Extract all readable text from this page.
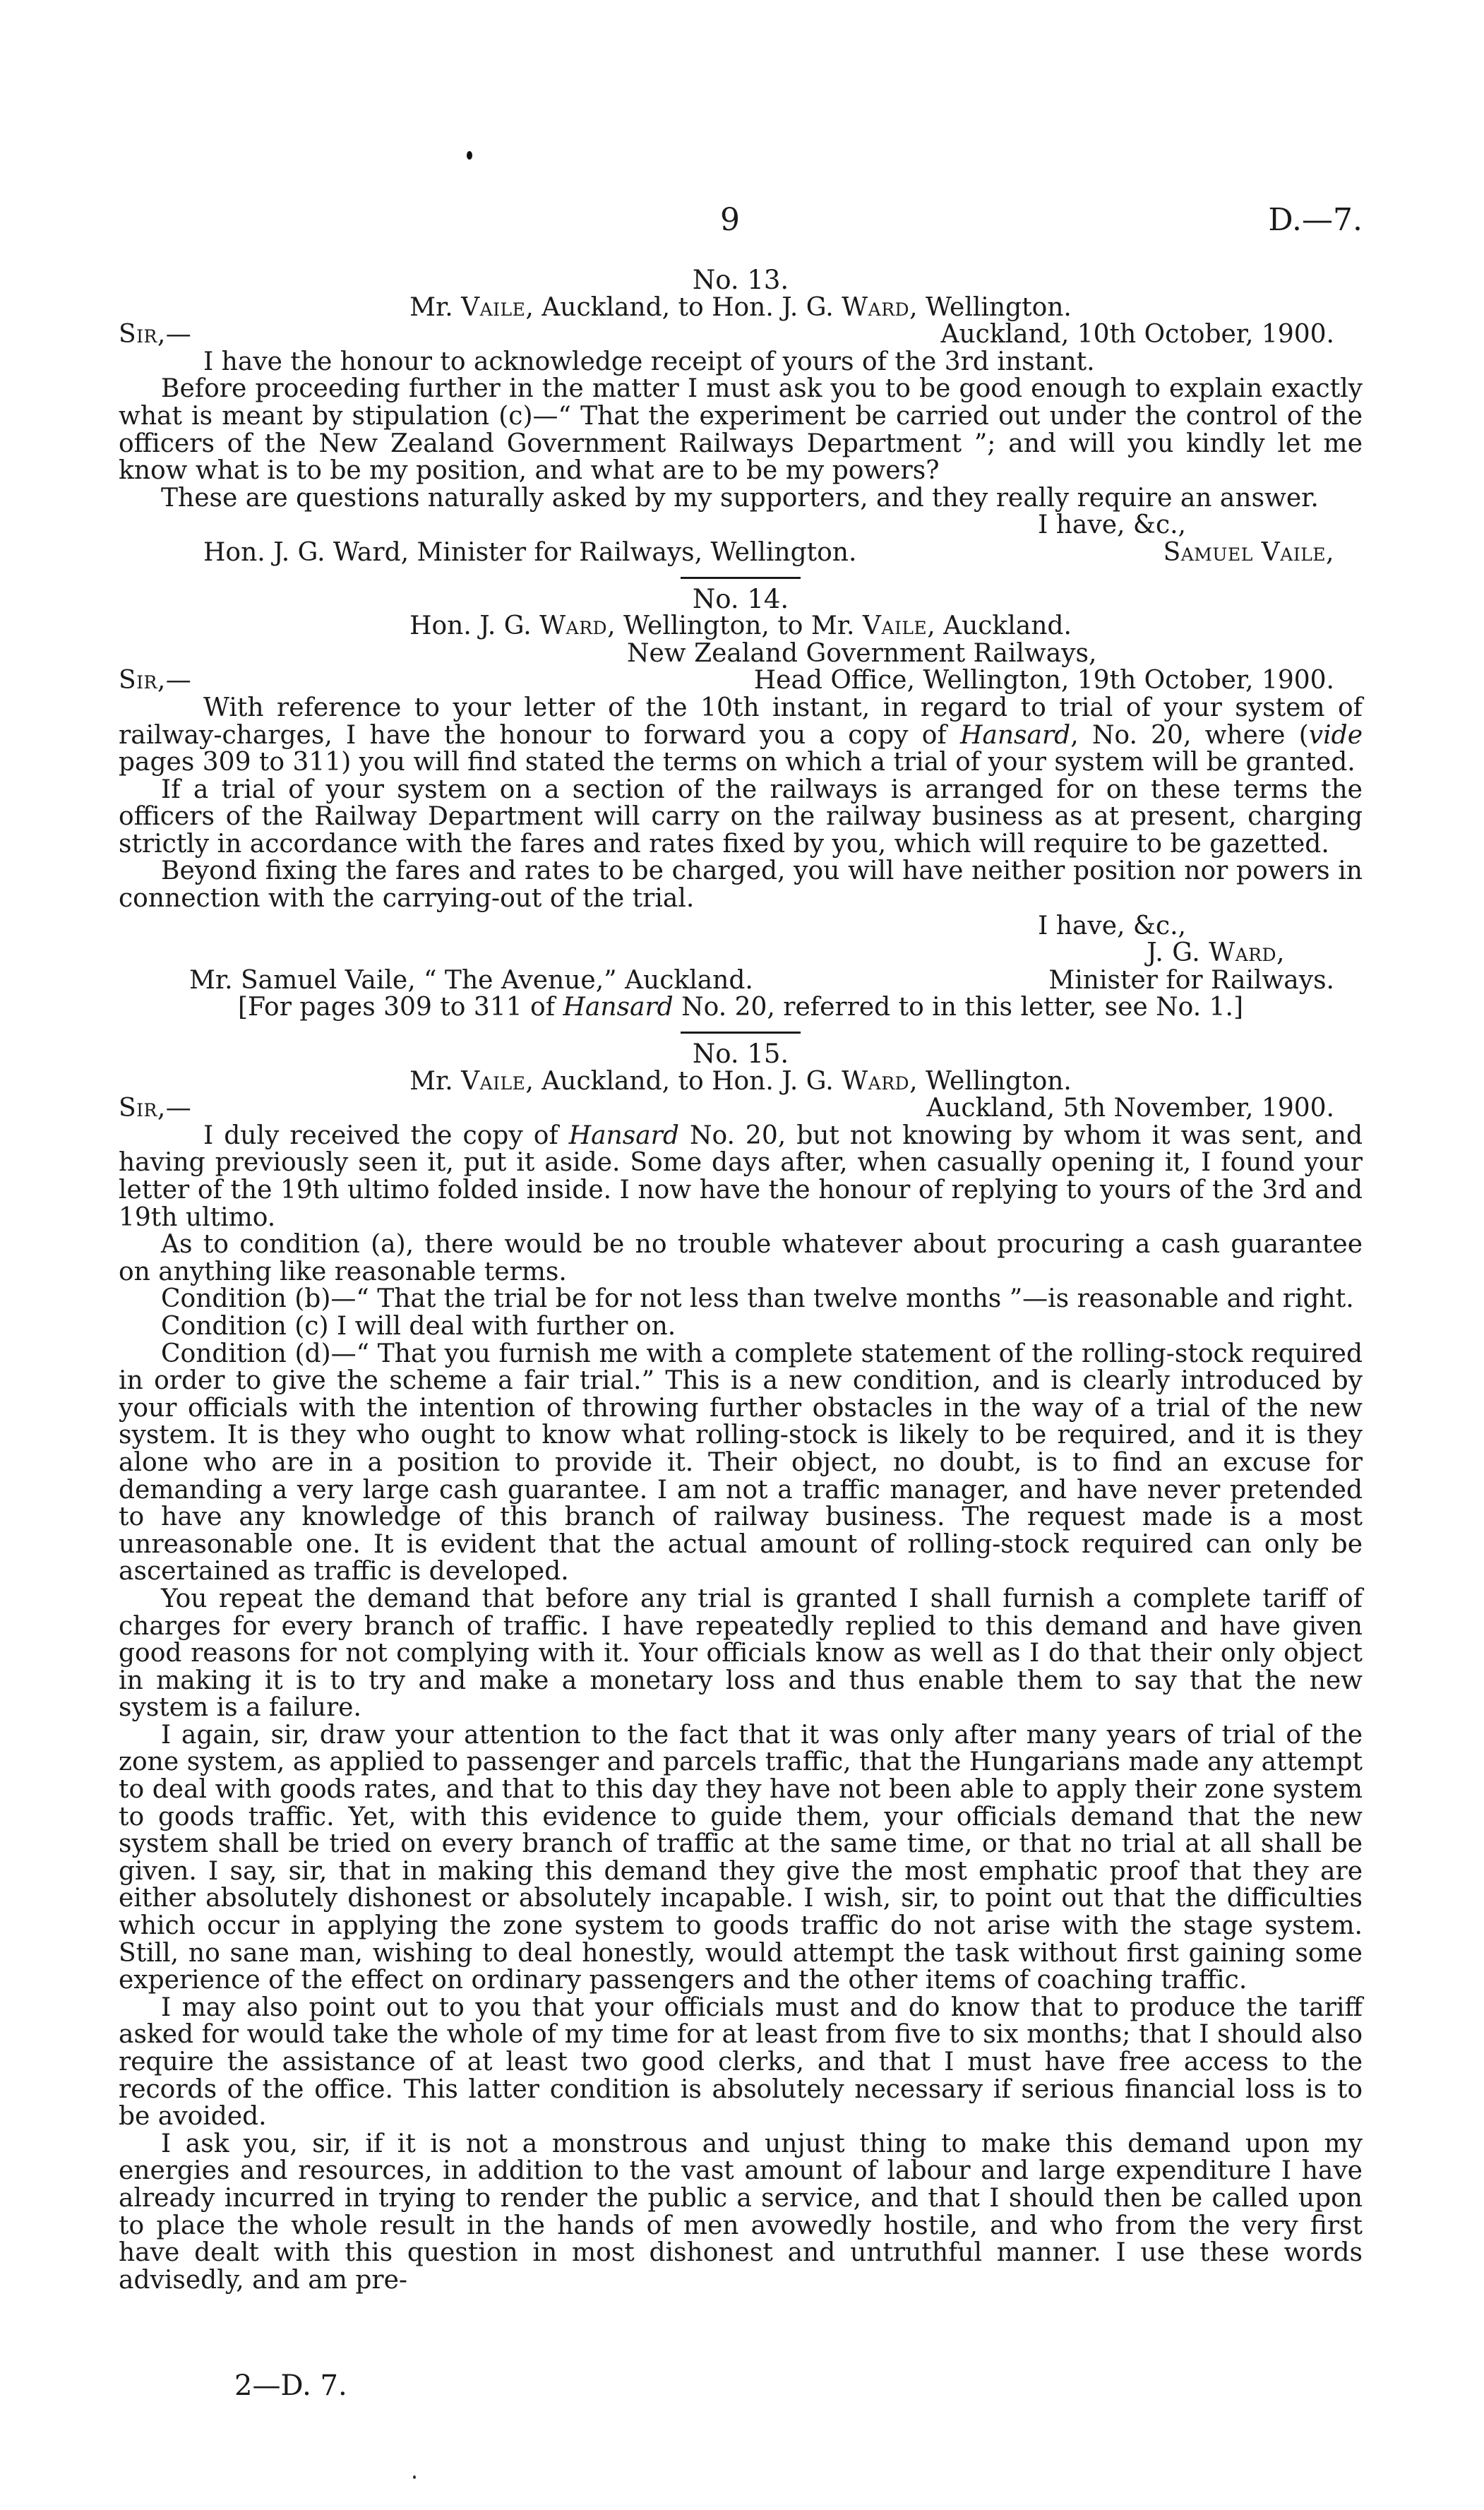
9	D.—7.

No. 13.

Mr. Vaile, Auckland, to Hon. J. G. Ward, Wellington.

Sir,—	Auckland, 10th October, 1900.

I have the honour to acknowledge receipt of yours of the 3rd instant.

Before proceeding further in the matter I must ask you to be good enough to explain exactly what is meant by stipulation (c)—“ That the experiment be carried out under the control of the officers of the New Zealand Government Railways Department ”; and will you kindly let me know what is to be my position, and what are to be my powers?

These are questions naturally asked by my supporters, and they really require an answer.

I have, &c.,

Hon. J. G. Ward, Minister for Railways, Wellington.	Samuel Vaile,

No. 14.

Hon. J. G. Ward, Wellington, to Mr. Vaile, Auckland.

New Zealand Government Railways,

Sir,—	Head Office, Wellington, 19th October, 1900.

With reference to your letter of the 10th instant, in regard to trial of your system of railway-charges, I have the honour to forward you a copy of Hansard, No. 20, where (vide pages 309 to 311) you will find stated the terms on which a trial of your system will be granted.

If a trial of your system on a section of the railways is arranged for on these terms the officers of the Railway Department will carry on the railway business as at present, charging strictly in accordance with the fares and rates fixed by you, which will require to be gazetted.

Beyond fixing the fares and rates to be charged, you will have neither position nor powers in connection with the carrying-out of the trial.

I have, &c.,

J. G. Ward,

Mr. Samuel Vaile, “ The Avenue,” Auckland.	Minister for Railways.

[For pages 309 to 311 of Hansard No. 20, referred to in this letter, see No. 1.]

No. 15.

Mr. Vaile, Auckland, to Hon. J. G. Ward, Wellington.

Sir,—	Auckland, 5th November, 1900.

I duly received the copy of Hansard No. 20, but not knowing by whom it was sent, and having previously seen it, put it aside. Some days after, when casually opening it, I found your letter of the 19th ultimo folded inside. I now have the honour of replying to yours of the 3rd and 19th ultimo.

As to condition (a), there would be no trouble whatever about procuring a cash guarantee on anything like reasonable terms.

Condition (b)—“ That the trial be for not less than twelve months ”—is reasonable and right.

Condition (c) I will deal with further on.

Condition (d)—“ That you furnish me with a complete statement of the rolling-stock required in order to give the scheme a fair trial.” This is a new condition, and is clearly introduced by your officials with the intention of throwing further obstacles in the way of a trial of the new system. It is they who ought to know what rolling-stock is likely to be required, and it is they alone who are in a position to provide it. Their object, no doubt, is to find an excuse for demanding a very large cash guarantee. I am not a traffic manager, and have never pretended to have any knowledge of this branch of railway business. The request made is a most unreasonable one. It is evident that the actual amount of rolling-stock required can only be ascertained as traffic is developed.

You repeat the demand that before any trial is granted I shall furnish a complete tariff of charges for every branch of traffic. I have repeatedly replied to this demand and have given good reasons for not complying with it. Your officials know as well as I do that their only object in making it is to try and make a monetary loss and thus enable them to say that the new system is a failure.

I again, sir, draw your attention to the fact that it was only after many years of trial of the zone system, as applied to passenger and parcels traffic, that the Hungarians made any attempt to deal with goods rates, and that to this day they have not been able to apply their zone system to goods traffic. Yet, with this evidence to guide them, your officials demand that the new system shall be tried on every branch of traffic at the same time, or that no trial at all shall be given. I say, sir, that in making this demand they give the most emphatic proof that they are either absolutely dishonest or absolutely incapable. I wish, sir, to point out that the difficulties which occur in applying the zone system to goods traffic do not arise with the stage system. Still, no sane man, wishing to deal honestly, would attempt the task without first gaining some experience of the effect on ordinary passengers and the other items of coaching traffic.

I may also point out to you that your officials must and do know that to produce the tariff asked for would take the whole of my time for at least from five to six months; that I should also require the assistance of at least two good clerks, and that I must have free access to the records of the office. This latter condition is absolutely necessary if serious financial loss is to be avoided.

I ask you, sir, if it is not a monstrous and unjust thing to make this demand upon my energies and resources, in addition to the vast amount of labour and large expenditure I have already incurred in trying to render the public a service, and that I should then be called upon to place the whole result in the hands of men avowedly hostile, and who from the very first have dealt with this question in most dishonest and untruthful manner. I use these words advisedly, and am pre-

2—D. 7.
